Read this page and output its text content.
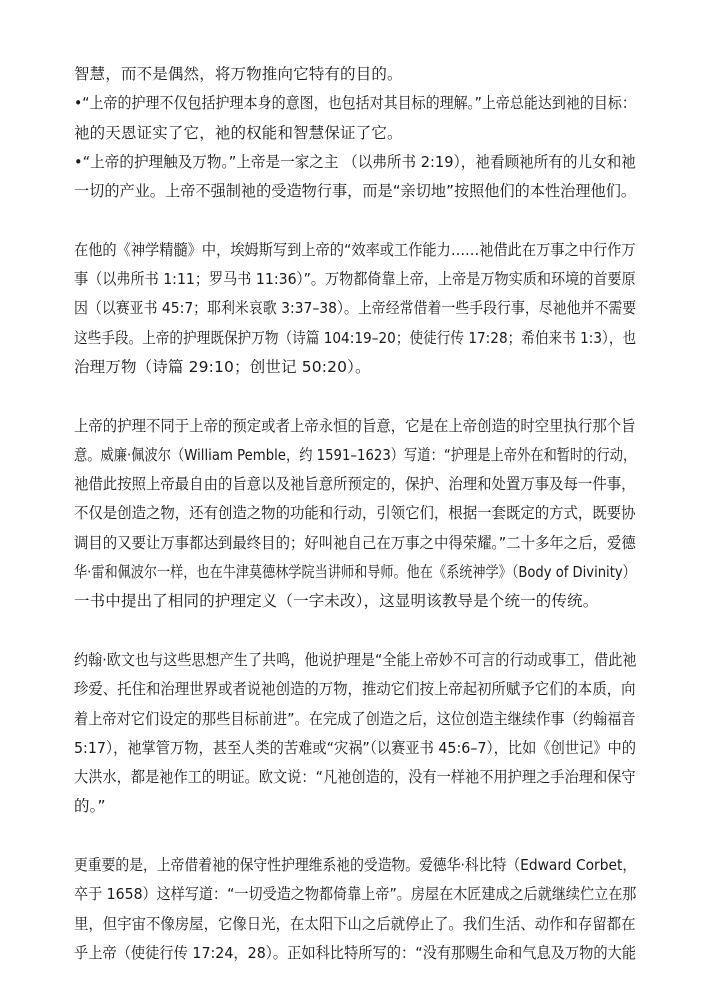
智慧，而不是偶然，将万物推向它特有的目的。
•“上帝的护理不仅包括护理本身的意图，也包括对其目标的理解。”上帝总能达到祂的目标：
祂的天恩证实了它，祂的权能和智慧保证了它。
•“上帝的护理触及万物。”上帝是一家之主 （以弗所书 2:19），祂看顾祂所有的儿女和祂
一切的产业。上帝不强制祂的受造物行事，而是“亲切地”按照他们的本性治理他们。
在他的《神学精髓》中，埃姆斯写到上帝的“效率或工作能力……祂借此在万事之中行作万
事（以弗所书 1:11；罗马书 11:36）”。万物都倚靠上帝，上帝是万物实质和环境的首要原
因（以赛亚书 45:7；耶利米哀歌 3:37–38）。上帝经常借着一些手段行事，尽祂他并不需要
这些手段。上帝的护理既保护万物（诗篇 104:19–20；使徒行传 17:28；希伯来书 1:3），也
治理万物（诗篇 29:10；创世记 50:20）。
上帝的护理不同于上帝的预定或者上帝永恒的旨意，它是在上帝创造的时空里执行那个旨
意。威廉·佩波尔（William Pemble，约 1591–1623）写道：“护理是上帝外在和暂时的行动，
祂借此按照上帝最自由的旨意以及祂旨意所预定的，保护、治理和处置万事及每一件事，
不仅是创造之物，还有创造之物的功能和行动，引领它们，根据一套既定的方式，既要协
调目的又要让万事都达到最终目的；好叫祂自己在万事之中得荣耀。”二十多年之后，爱德
华·雷和佩波尔一样，也在牛津莫德林学院当讲师和导师。他在《系统神学》（Body of Divinity）
一书中提出了相同的护理定义（一字未改），这显明该教导是个统一的传统。
约翰·欧文也与这些思想产生了共鸣，他说护理是“全能上帝妙不可言的行动或事工，借此祂
珍爱、托住和治理世界或者说祂创造的万物，推动它们按上帝起初所赋予它们的本质，向
着上帝对它们设定的那些目标前进”。在完成了创造之后，这位创造主继续作事（约翰福音
5:17），祂掌管万物，甚至人类的苦难或“灾祸”（以赛亚书 45:6–7），比如《创世记》中的
大洪水，都是祂作工的明证。欧文说：“凡祂创造的，没有一样祂不用护理之手治理和保守
的。”
更重要的是，上帝借着祂的保守性护理维系祂的受造物。爱德华·科比特（Edward Corbet，
卒于 1658）这样写道：“一切受造之物都倚靠上帝”。房屋在木匠建成之后就继续伫立在那
里，但宇宙不像房屋，它像日光，在太阳下山之后就停止了。我们生活、动作和存留都在
乎上帝（使徒行传 17:24，28）。正如科比特所写的：“没有那赐生命和气息及万物的大能
